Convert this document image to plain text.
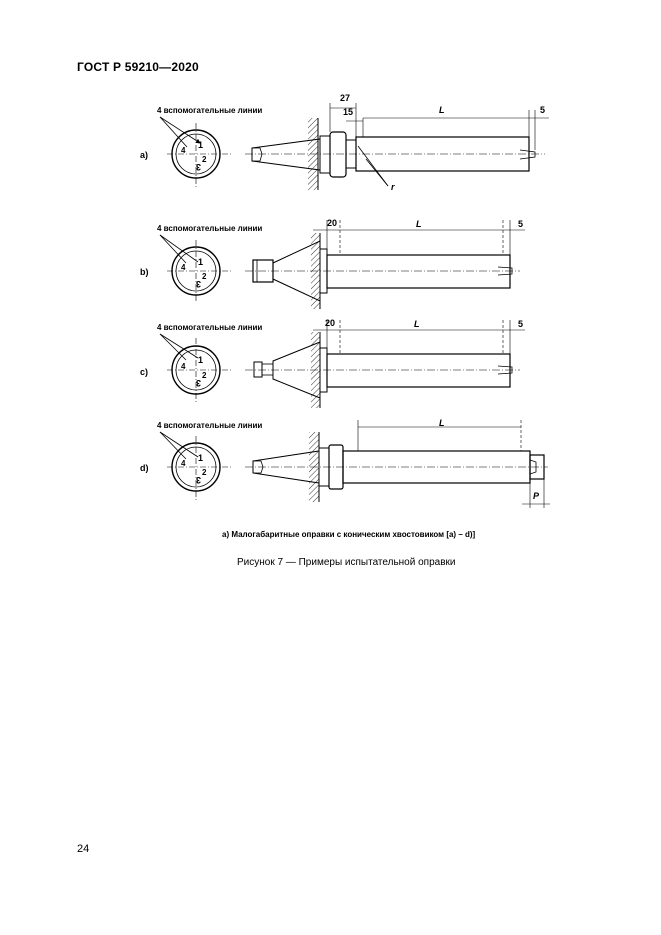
ГОСТ Р 59210—2020
4 вспомогательные линии
a)
1
2
3
4
27
15	L	5
r
4 вспомогательные линии
b)
1
2
3
4
20	L	5
4 вспомогательные линии
c)
1
2
3
4
20	L	5
4 вспомогательные линии
d)
1
2
3
4
L
P
а) Малогабаритные оправки с коническим хвостовиком [а) – d)]
Рисунок 7 — Примеры испытательной оправки
24
